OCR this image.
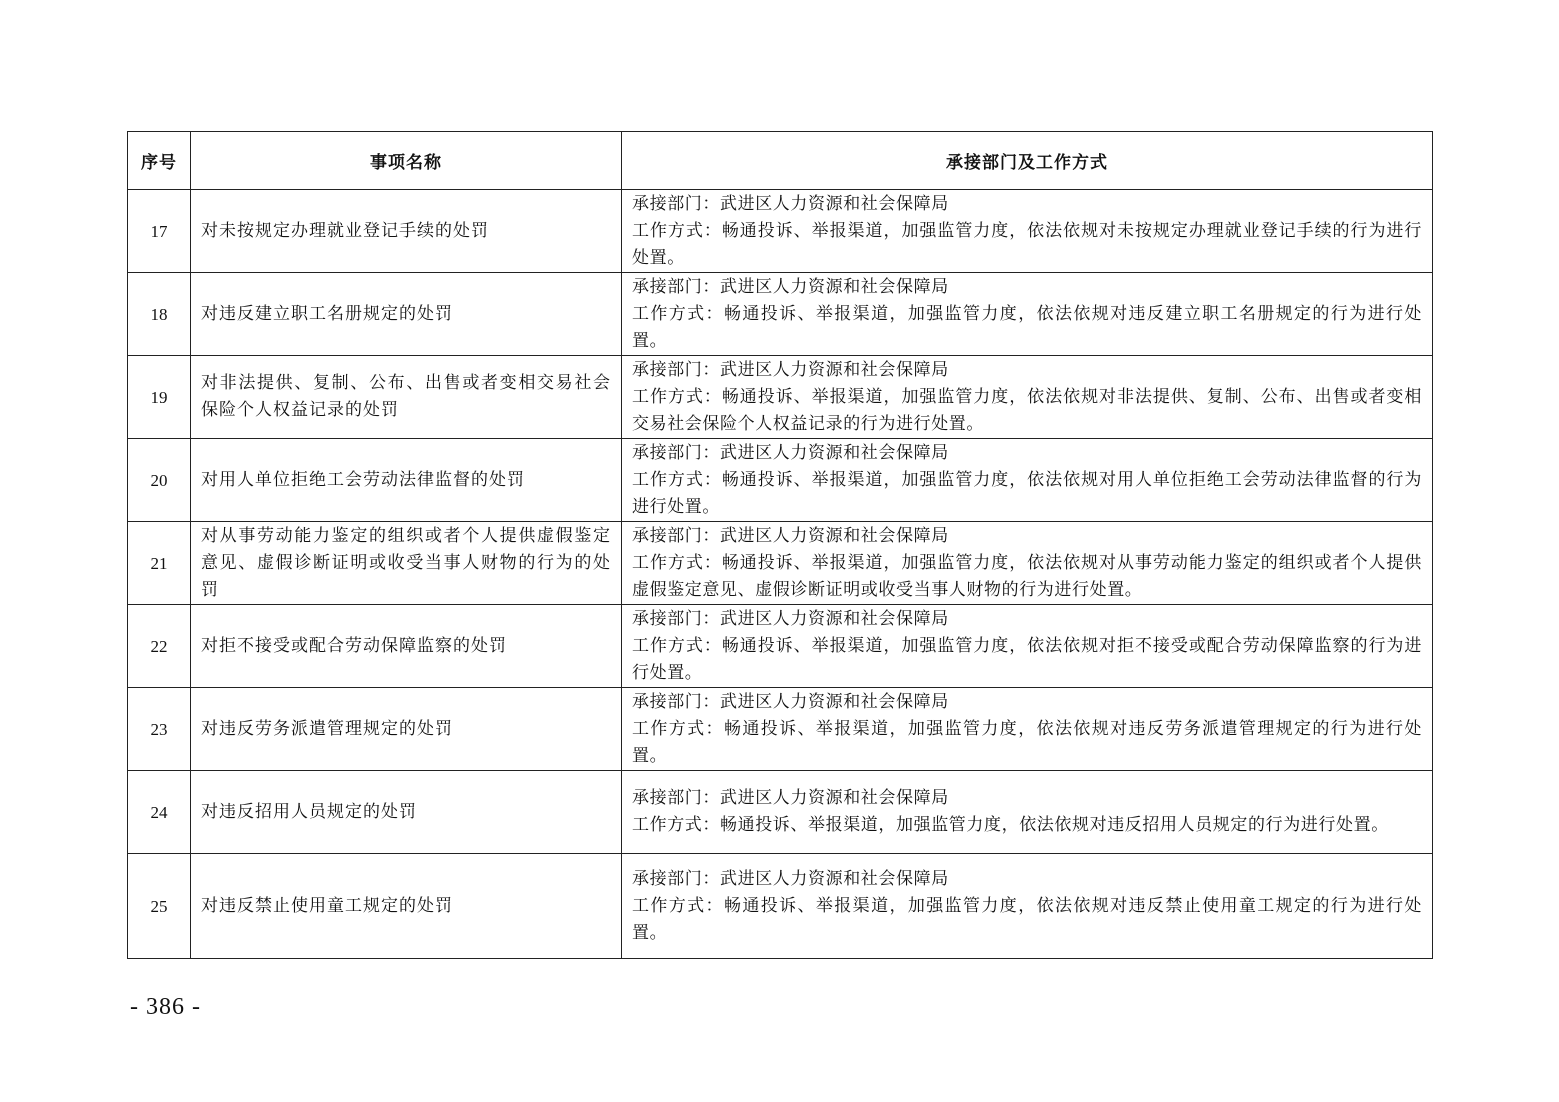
序号	事项名称	承接部门及工作方式
17	对未按规定办理就业登记手续的处罚	承接部门：武进区人力资源和社会保障局
工作方式：畅通投诉、举报渠道，加强监管力度，依法依规对未按规定办理就业登记手续的行为进行处置。

18	对违反建立职工名册规定的处罚	承接部门：武进区人力资源和社会保障局
工作方式：畅通投诉、举报渠道，加强监管力度，依法依规对违反建立职工名册规定的行为进行处置。

19	对非法提供、复制、公布、出售或者变相交易社会保险个人权益记录的处罚	承接部门：武进区人力资源和社会保障局
工作方式：畅通投诉、举报渠道，加强监管力度，依法依规对非法提供、复制、公布、出售或者变相交易社会保险个人权益记录的行为进行处置。

20	对用人单位拒绝工会劳动法律监督的处罚	承接部门：武进区人力资源和社会保障局
工作方式：畅通投诉、举报渠道，加强监管力度，依法依规对用人单位拒绝工会劳动法律监督的行为进行处置。

21	对从事劳动能力鉴定的组织或者个人提供虚假鉴定意见、虚假诊断证明或收受当事人财物的行为的处罚	承接部门：武进区人力资源和社会保障局
工作方式：畅通投诉、举报渠道，加强监管力度，依法依规对从事劳动能力鉴定的组织或者个人提供虚假鉴定意见、虚假诊断证明或收受当事人财物的行为进行处置。

22	对拒不接受或配合劳动保障监察的处罚	承接部门：武进区人力资源和社会保障局
工作方式：畅通投诉、举报渠道，加强监管力度，依法依规对拒不接受或配合劳动保障监察的行为进行处置。

23	对违反劳务派遣管理规定的处罚	承接部门：武进区人力资源和社会保障局
工作方式：畅通投诉、举报渠道，加强监管力度，依法依规对违反劳务派遣管理规定的行为进行处置。

24	对违反招用人员规定的处罚	承接部门：武进区人力资源和社会保障局
工作方式：畅通投诉、举报渠道，加强监管力度，依法依规对违反招用人员规定的行为进行处置。

25	对违反禁止使用童工规定的处罚	承接部门：武进区人力资源和社会保障局
工作方式：畅通投诉、举报渠道，加强监管力度，依法依规对违反禁止使用童工规定的行为进行处置。
- 386 -
